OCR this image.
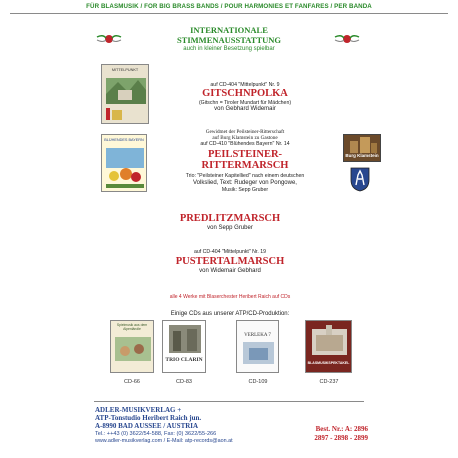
FÜR BLASMUSIK / FOR BIG BRASS BANDS / POUR HARMONIES ET FANFARES / PER BANDA
INTERNATIONALE
STIMMENAUSSTATTUNG
auch in kleiner Besetzung spielbar
MITTELPUNKT
BLÜHENDES BAYERN
auf CD-404 "Mittelpunkt" Nr. 9
GITSCHNPOLKA
(Gitschn = Tiroler Mundart für Mädchen)
von Gebhard Widemair
Gewidmet der Peilsteiner-Ritterschaft
auf Burg Klamstein zu Gastone
auf CD-410 "Blühendes Bayern" Nr. 14
PEILSTEINER-
RITTERMARSCH
Trio: "Peilsteiner Kapitellied" nach einem deutschen
Volkslied, Text: Rudeger von Pongowe,
Musik: Sepp Gruber
Burg Klamstein
PREDLITZMARSCH
von Sepp Gruber
auf CD-404 "Mittelpunkt" Nr. 19
PUSTERTALMARSCH
von Widemair Gebhard
alle 4 Werke mit Blaserchester Heribert Raich auf CDs
Einige CDs aus unserer ATP/CD-Produktion:
Spielmusik aus dem Alpenländle
CD-66
TRIO CLARIN
CD-83
VERLEKA 7
CD-109
BLASMUSIKSPEKTAKEL
CD-237
ADLER-MUSIKVERLAG +
ATP-Tonstudio Heribert Raich jun.
A-8990 BAD AUSSEE / AUSTRIA
Tel.: ++43 (0) 3622/54-588, Fax: (0) 3622/55-266
www.adler-musikverlag.com / E-Mail: atp-records@aon.at
Best. Nr.: A: 2896
2897 - 2898 - 2899
